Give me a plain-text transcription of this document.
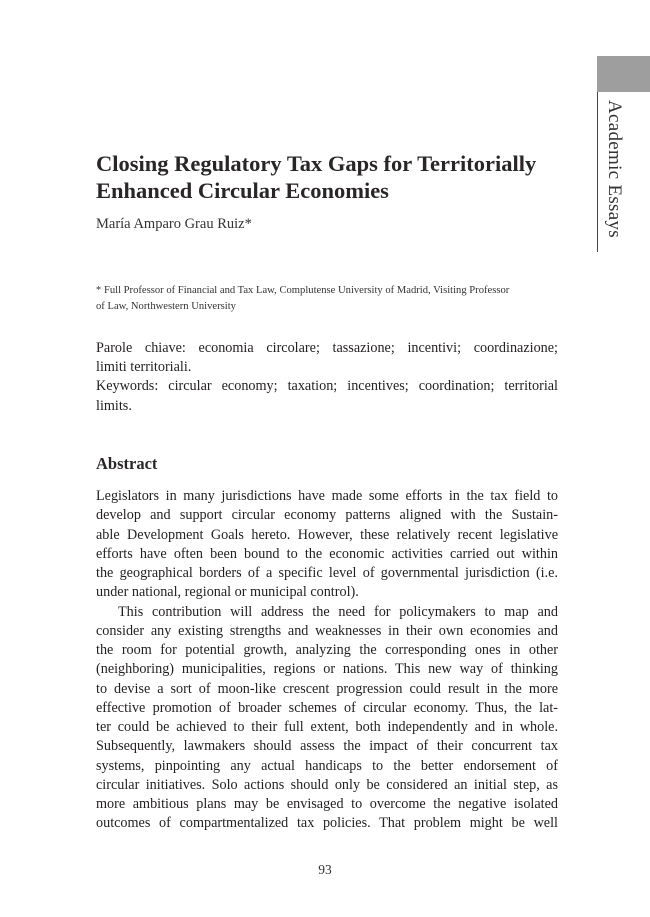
Academic Essays
Closing Regulatory Tax Gaps for Territorially
Enhanced Circular Economies
María Amparo Grau Ruiz*
* Full Professor of Financial and Tax Law, Complutense University of Madrid, Visiting Professor
of Law, Northwestern University
Parole chiave: economia circolare; tassazione; incentivi; coordinazione;
limiti territoriali.
Keywords: circular economy; taxation; incentives; coordination; territorial
limits.
Abstract
Legislators in many jurisdictions have made some efforts in the tax field to
develop and support circular economy patterns aligned with the Sustain-
able Development Goals hereto. However, these relatively recent legislative
efforts have often been bound to the economic activities carried out within
the geographical borders of a specific level of governmental jurisdiction (i.e.
under national, regional or municipal control).
This contribution will address the need for policymakers to map and
consider any existing strengths and weaknesses in their own economies and
the room for potential growth, analyzing the corresponding ones in other
(neighboring) municipalities, regions or nations. This new way of thinking
to devise a sort of moon-like crescent progression could result in the more
effective promotion of broader schemes of circular economy. Thus, the lat-
ter could be achieved to their full extent, both independently and in whole.
Subsequently, lawmakers should assess the impact of their concurrent tax
systems, pinpointing any actual handicaps to the better endorsement of
circular initiatives. Solo actions should only be considered an initial step, as
more ambitious plans may be envisaged to overcome the negative isolated
outcomes of compartmentalized tax policies. That problem might be well
93
